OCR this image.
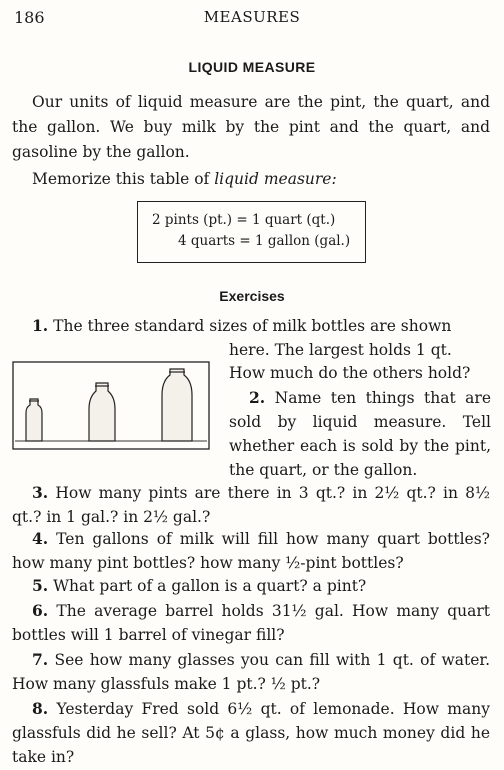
186	MEASURES
LIQUID MEASURE

Our units of liquid measure are the pint, the quart, and the gallon. We buy milk by the pint and the quart, and gasoline by the gallon.

Memorize this table of liquid measure:

2 pints (pt.) = 1 quart (qt.)
4 quarts = 1 gallon (gal.)
Exercises
1. The three standard sizes of milk bottles are shown
here. The largest holds 1 qt.
How much do the others hold?
2. Name ten things that are sold by liquid measure. Tell whether each is sold by the pint, the quart, or the gallon.
3. How many pints are there in 3 qt.? in 2½ qt.? in 8½ qt.? in 1 gal.? in 2½ gal.?
4. Ten gallons of milk will fill how many quart bottles? how many pint bottles? how many ½-pint bottles?
5. What part of a gallon is a quart? a pint?
6. The average barrel holds 31½ gal. How many quart bottles will 1 barrel of vinegar fill?
7. See how many glasses you can fill with 1 qt. of water. How many glassfuls make 1 pt.? ½ pt.?
8. Yesterday Fred sold 6½ qt. of lemonade. How many glassfuls did he sell? At 5¢ a glass, how much money did he take in?
